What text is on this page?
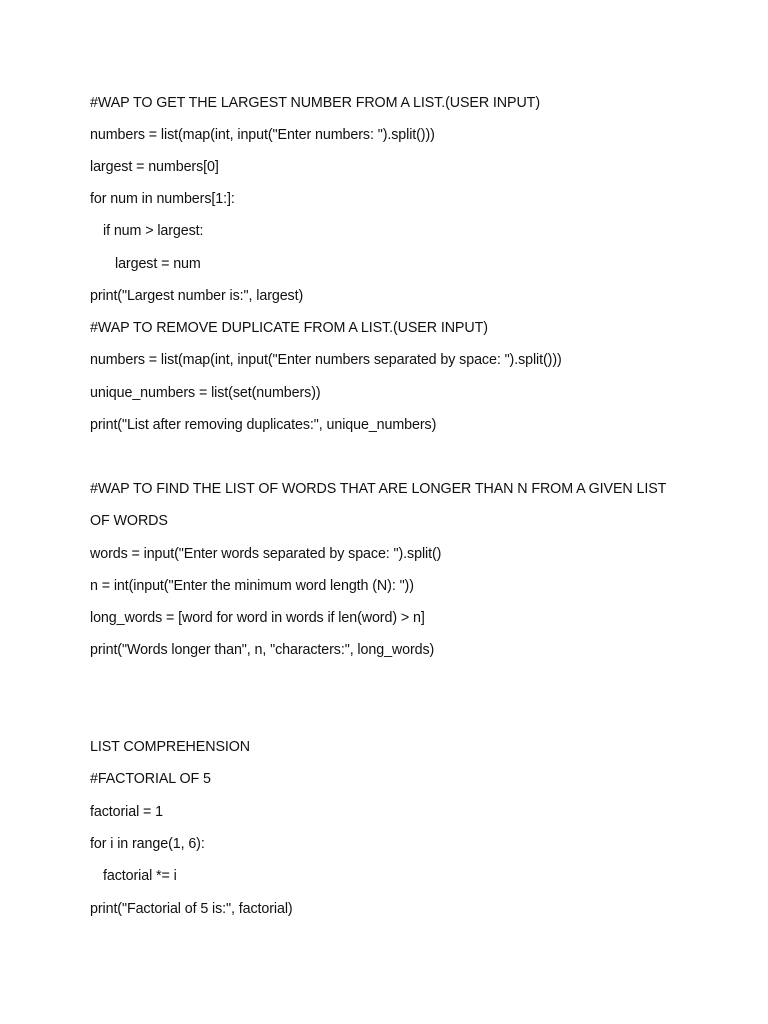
#WAP TO GET THE LARGEST NUMBER FROM A LIST.(USER INPUT)
numbers = list(map(int, input("Enter numbers: ").split()))
largest = numbers[0]
for num in numbers[1:]:
if num > largest:
largest = num
print("Largest number is:", largest)
#WAP TO REMOVE DUPLICATE FROM A LIST.(USER INPUT)
numbers = list(map(int, input("Enter numbers separated by space: ").split()))
unique_numbers = list(set(numbers))
print("List after removing duplicates:", unique_numbers)
#WAP TO FIND THE LIST OF WORDS THAT ARE LONGER THAN N FROM A GIVEN LIST
OF WORDS
words = input("Enter words separated by space: ").split()
n = int(input("Enter the minimum word length (N): "))
long_words = [word for word in words if len(word) > n]
print("Words longer than", n, "characters:", long_words)
LIST COMPREHENSION
#FACTORIAL OF 5
factorial = 1
for i in range(1, 6):
factorial *= i
print("Factorial of 5 is:", factorial)
